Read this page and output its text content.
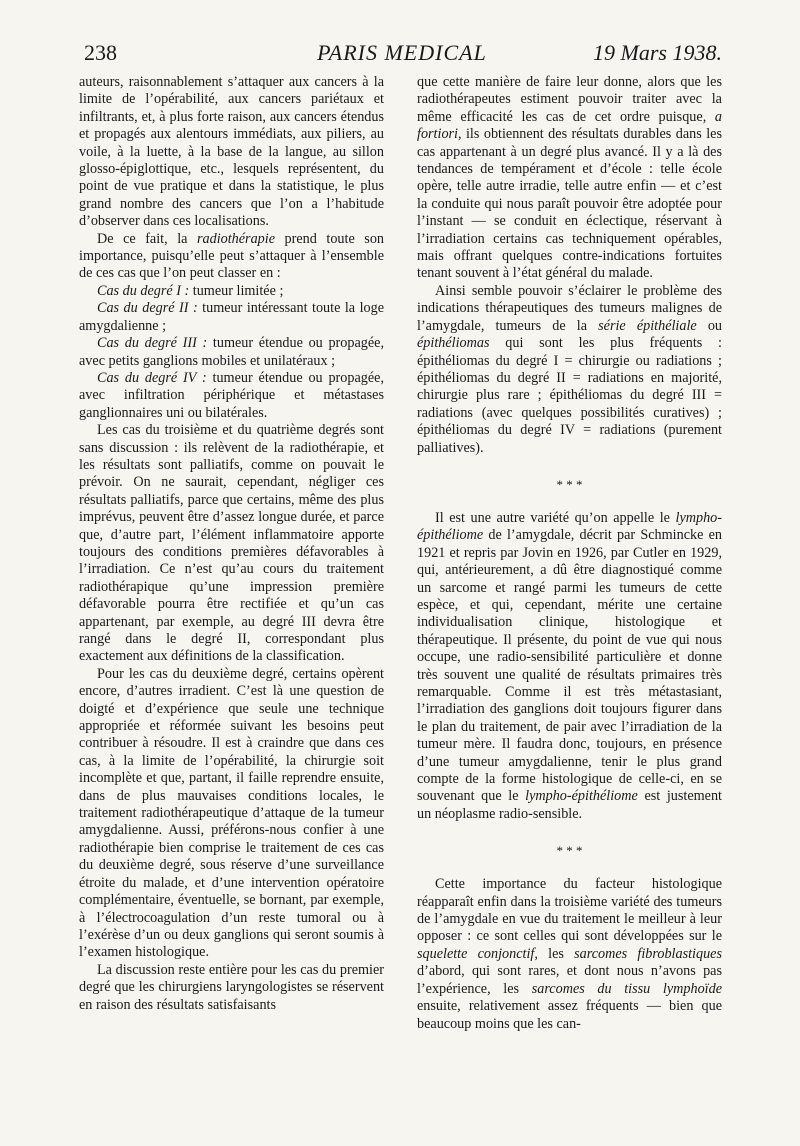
238	PARIS MEDICAL	19 Mars 1938.

auteurs, raisonnablement s’attaquer aux cancers à la limite de l’opérabilité, aux cancers pariétaux et infiltrants, et, à plus forte raison, aux cancers étendus et propagés aux alentours immédiats, aux piliers, au voile, à la luette, à la base de la langue, au sillon glosso-épiglottique, etc., lesquels représentent, du point de vue pratique et dans la statistique, le plus grand nombre des cancers que l’on a l’habitude d’observer dans ces localisations.

De ce fait, la radiothérapie prend toute son importance, puisqu’elle peut s’attaquer à l’ensemble de ces cas que l’on peut classer en :

Cas du degré I : tumeur limitée ;

Cas du degré II : tumeur intéressant toute la loge amygdalienne ;

Cas du degré III : tumeur étendue ou propagée, avec petits ganglions mobiles et unilatéraux ;

Cas du degré IV : tumeur étendue ou propagée, avec infiltration périphérique et métastases ganglionnaires uni ou bilatérales.

Les cas du troisième et du quatrième degrés sont sans discussion : ils relèvent de la radiothérapie, et les résultats sont palliatifs, comme on pouvait le prévoir. On ne saurait, cependant, négliger ces résultats palliatifs, parce que certains, même des plus imprévus, peuvent être d’assez longue durée, et parce que, d’autre part, l’élément inflammatoire apporte toujours des conditions premières défavorables à l’irradiation. Ce n’est qu’au cours du traitement radiothérapique qu’une impression première défavorable pourra être rectifiée et qu’un cas appartenant, par exemple, au degré III devra être rangé dans le degré II, correspondant plus exactement aux définitions de la classification.

Pour les cas du deuxième degré, certains opèrent encore, d’autres irradient. C’est là une question de doigté et d’expérience que seule une technique appropriée et réformée suivant les besoins peut contribuer à résoudre. Il est à craindre que dans ces cas, à la limite de l’opérabilité, la chirurgie soit incomplète et que, partant, il faille reprendre ensuite, dans de plus mauvaises conditions locales, le traitement radiothérapeutique d’attaque de la tumeur amygdalienne. Aussi, préférons-nous confier à une radiothérapie bien comprise le traitement de ces cas du deuxième degré, sous réserve d’une surveillance étroite du malade, et d’une intervention opératoire complémentaire, éventuelle, se bornant, par exemple, à l’électrocoagulation d’un reste tumoral ou à l’exérèse d’un ou deux ganglions qui seront soumis à l’examen histologique.

La discussion reste entière pour les cas du premier degré que les chirurgiens laryngologistes se réservent en raison des résultats satisfaisants

que cette manière de faire leur donne, alors que les radiothérapeutes estiment pouvoir traiter avec la même efficacité les cas de cet ordre puisque, a fortiori, ils obtiennent des résultats durables dans les cas appartenant à un degré plus avancé. Il y a là des tendances de tempérament et d’école : telle école opère, telle autre irradie, telle autre enfin — et c’est la conduite qui nous paraît pouvoir être adoptée pour l’instant — se conduit en éclectique, réservant à l’irradiation certains cas techniquement opérables, mais offrant quelques contre-indications fortuites tenant souvent à l’état général du malade.

Ainsi semble pouvoir s’éclairer le problème des indications thérapeutiques des tumeurs malignes de l’amygdale, tumeurs de la série épithéliale ou épithéliomas qui sont les plus fréquents : épithéliomas du degré I = chirurgie ou radiations ; épithéliomas du degré II = radiations en majorité, chirurgie plus rare ; épithéliomas du degré III = radiations (avec quelques possibilités curatives) ; épithéliomas du degré IV = radiations (purement palliatives).

* * *

Il est une autre variété qu’on appelle le lympho-épithéliome de l’amygdale, décrit par Schmincke en 1921 et repris par Jovin en 1926, par Cutler en 1929, qui, antérieurement, a dû être diagnostiqué comme un sarcome et rangé parmi les tumeurs de cette espèce, et qui, cependant, mérite une certaine individualisation clinique, histologique et thérapeutique. Il présente, du point de vue qui nous occupe, une radio-sensibilité particulière et donne très souvent une qualité de résultats primaires très remarquable. Comme il est très métastasiant, l’irradiation des ganglions doit toujours figurer dans le plan du traitement, de pair avec l’irradiation de la tumeur mère. Il faudra donc, toujours, en présence d’une tumeur amygdalienne, tenir le plus grand compte de la forme histologique de celle-ci, en se souvenant que le lympho-épithéliome est justement un néoplasme radio-sensible.

* * *

Cette importance du facteur histologique réapparaît enfin dans la troisième variété des tumeurs de l’amygdale en vue du traitement le meilleur à leur opposer : ce sont celles qui sont développées sur le squelette conjonctif, les sarcomes fibroblastiques d’abord, qui sont rares, et dont nous n’avons pas l’expérience, les sarcomes du tissu lymphoïde ensuite, relativement assez fréquents — bien que beaucoup moins que les can-
